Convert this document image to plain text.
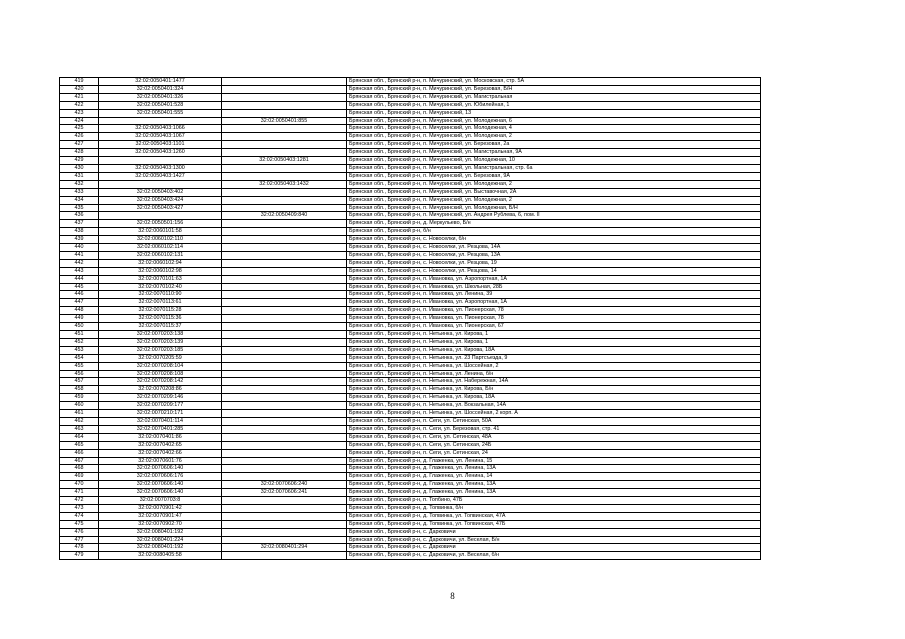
419	32:02:0050401:1477		Брянская обл., Брянский р-н, п. Мичуринский, ул. Московская, стр. 5А
420	32:02:0050401:324		Брянская обл., Брянский р-н, п. Мичуринский, ул. Березовая, Б/Н
421	32:02:0050401:326		Брянская обл., Брянский р-н, п. Мичуринский, ул. Магистральная
422	32:02:0050401:528		Брянская обл., Брянский р-н, п. Мичуринский, ул. Юбилейная, 1
423	32:02:0050401:555		Брянская обл., Брянский р-н, п. Мичуринский, 13
424		32:02:0050401:855	Брянская обл., Брянский р-н, п. Мичуринский, ул. Молодежная, 6
425	32:02:0050403:1066		Брянская обл., Брянский р-н, п. Мичуринский, ул. Молодежная, 4
426	32:02:0050403:1067		Брянская обл., Брянский р-н, п. Мичуринский, ул. Молодежная, 2
427	32:02:0050403:1101		Брянская обл., Брянский р-н, п. Мичуринский, ул. Березовая, 2а
428	32:02:0050403:1260		Брянская обл., Брянский р-н, п. Мичуринский, ул. Магистральная, 9А
429		32:02:0050403:1281	Брянская обл., Брянский р-н, п. Мичуринский, ул. Молодежная, 10
430	32:02:0050403:1300		Брянская обл., Брянский р-н, п. Мичуринский, ул. Магистральная, стр. 6а
431	32:02:0050403:1427		Брянская обл., Брянский р-н, п. Мичуринский, ул. Березовая, 9А
432		32:02:0050403:1432	Брянская обл., Брянский р-н, п. Мичуринский, ул. Молодежная, 2
433	32:02:0050403:402		Брянская обл., Брянский р-н, п. Мичуринский, ул. Выставочная, 2А
434	32:02:0050403:424		Брянская обл., Брянский р-н, п. Мичуринский, ул. Молодежная, 2
435	32:02:0050403:427		Брянская обл., Брянский р-н, п. Мичуринский, ул. Молодежная, Б/Н
436		32:02:0050409:840	Брянская обл., Брянский р-н, п. Мичуринский, ул. Андрея Рублева, 6, пом. II
437	32:02:0050501:156		Брянская обл., Брянский р-н, д. Меркульево, Б/н
438	32:02:0060101:58		Брянская обл., Брянский р-н, б/н
439	32:02:0060102:110		Брянская обл., Брянский р-н, с. Новоселки, б/н
440	32:02:0060102:114		Брянская обл., Брянский р-н, с. Новоселки, ул. Резцова, 14А
441	32:02:0060102:131		Брянская обл., Брянский р-н, с. Новоселки, ул. Резцова, 13А
442	32:02:0060102:94		Брянская обл., Брянский р-н, с. Новоселки, ул. Резцова, 19
443	32:02:0060102:98		Брянская обл., Брянский р-н, с. Новоселки, ул. Резцова, 14
444	32:02:0070101:63		Брянская обл., Брянский р-н, п. Ивановка, ул. Аэропортная, 1А
445	32:02:0070102:40		Брянская обл., Брянский р-н, п. Ивановка, ул. Школьная, 28Б
446	32:02:0070110:90		Брянская обл., Брянский р-н, п. Ивановка, ул. Ленина, 39
447	32:02:0070113:61		Брянская обл., Брянский р-н, п. Ивановка, ул. Аэропортная, 1А
448	32:02:0070115:28		Брянская обл., Брянский р-н, п. Ивановка, ул. Пионерская, 78
449	32:02:0070115:36		Брянская обл., Брянский р-н, п. Ивановка, ул. Пионерская, 78
450	32:02:0070115:37		Брянская обл., Брянский р-н, п. Ивановка, ул. Пионерская, 67
451	32:02:0070203:138		Брянская обл., Брянский р-н, п. Нетьинка, ул. Кирова, 1
452	32:02:0070203:139		Брянская обл., Брянский р-н, п. Нетьинка, ул. Кирова, 1
453	32:02:0070203:185		Брянская обл., Брянский р-н, п. Нетьинка, ул. Кирова, 18А
454	32:02:0070205:59		Брянская обл., Брянский р-н, п. Нетьинка, ул. 23 Партсъезда, 9
455	32:02:0070208:104		Брянская обл., Брянский р-н, п. Нетьинка, ул. Шоссейная, 2
456	32:02:0070208:108		Брянская обл., Брянский р-н, п. Нетьинка, ул. Ленина, б/н
457	32:02:0070208:142		Брянская обл., Брянский р-н, п. Нетьинка, ул. Набережная, 14А
458	32:02:0070208:86		Брянская обл., Брянский р-н, п. Нетьинка, ул. Кирова, Б/н
459	32:02:0070209:146		Брянская обл., Брянский р-н, п. Нетьинка, ул. Кирова, 18А
460	32:02:0070209:177		Брянская обл., Брянский р-н, п. Нетьинка, ул. Вокзальная, 14А
461	32:02:0070210:171		Брянская обл., Брянский р-н, п. Нетьинка, ул. Шоссейная, 2 корп. А
462	32:02:0070401:114		Брянская обл., Брянский р-н, п. Сеги, ул. Сетинская, 50А
463	32:02:0070401:285		Брянская обл., Брянский р-н, п. Сеги, ул. Березовая, стр. 41
464	32:02:0070401:86		Брянская обл., Брянский р-н, п. Сеги, ул. Сетинская, 48А
465	32:02:0070402:65		Брянская обл., Брянский р-н, п. Сеги, ул. Сетинская, 24Б
466	32:02:0070402:66		Брянская обл., Брянский р-н, п. Сеги, ул. Сетинская, 24
467	32:02:0070601:76		Брянская обл., Брянский р-н, д. Глаженка, ул. Ленина, 15
468	32:02:0070606:140		Брянская обл., Брянский р-н, д. Глаженка, ул. Ленина, 13А
469	32:02:0070606:176		Брянская обл., Брянский р-н, д. Глаженка, ул. Ленина, 14
470	32:02:0070606:140	32:02:0070606:240	Брянская обл., Брянский р-н, д. Глаженка, ул. Ленина, 13А
471	32:02:0070606:140	32:02:0070606:241	Брянская обл., Брянский р-н, д. Глаженка, ул. Ленина, 13А
472	32:02:0070703:8		Брянская обл., Брянский р-н, п. Топбино, 47Б
473	32:02:0070901:42		Брянская обл., Брянский р-н, д. Топвинка, б/н
474	32:02:0070901:47		Брянская обл., Брянский р-н, д. Топвинка, ул. Топвинская, 47А
475	32:02:0070902:70		Брянская обл., Брянский р-н, д. Топвинка, ул. Топвинская, 47Б
476	32:02:0080401:192		Брянская обл., Брянский р-н, с. Дарковичи
477	32:02:0080401:224		Брянская обл., Брянский р-н, с. Дарковичи, ул. Веселая, Б/н
478	32:02:0080401:192	32:02:0080401:294	Брянская обл., Брянский р-н, с. Дарковичи
479	32:02:0080405:58		Брянская обл., Брянский р-н, с. Дарковичи, ул. Веселая, б/н
8
